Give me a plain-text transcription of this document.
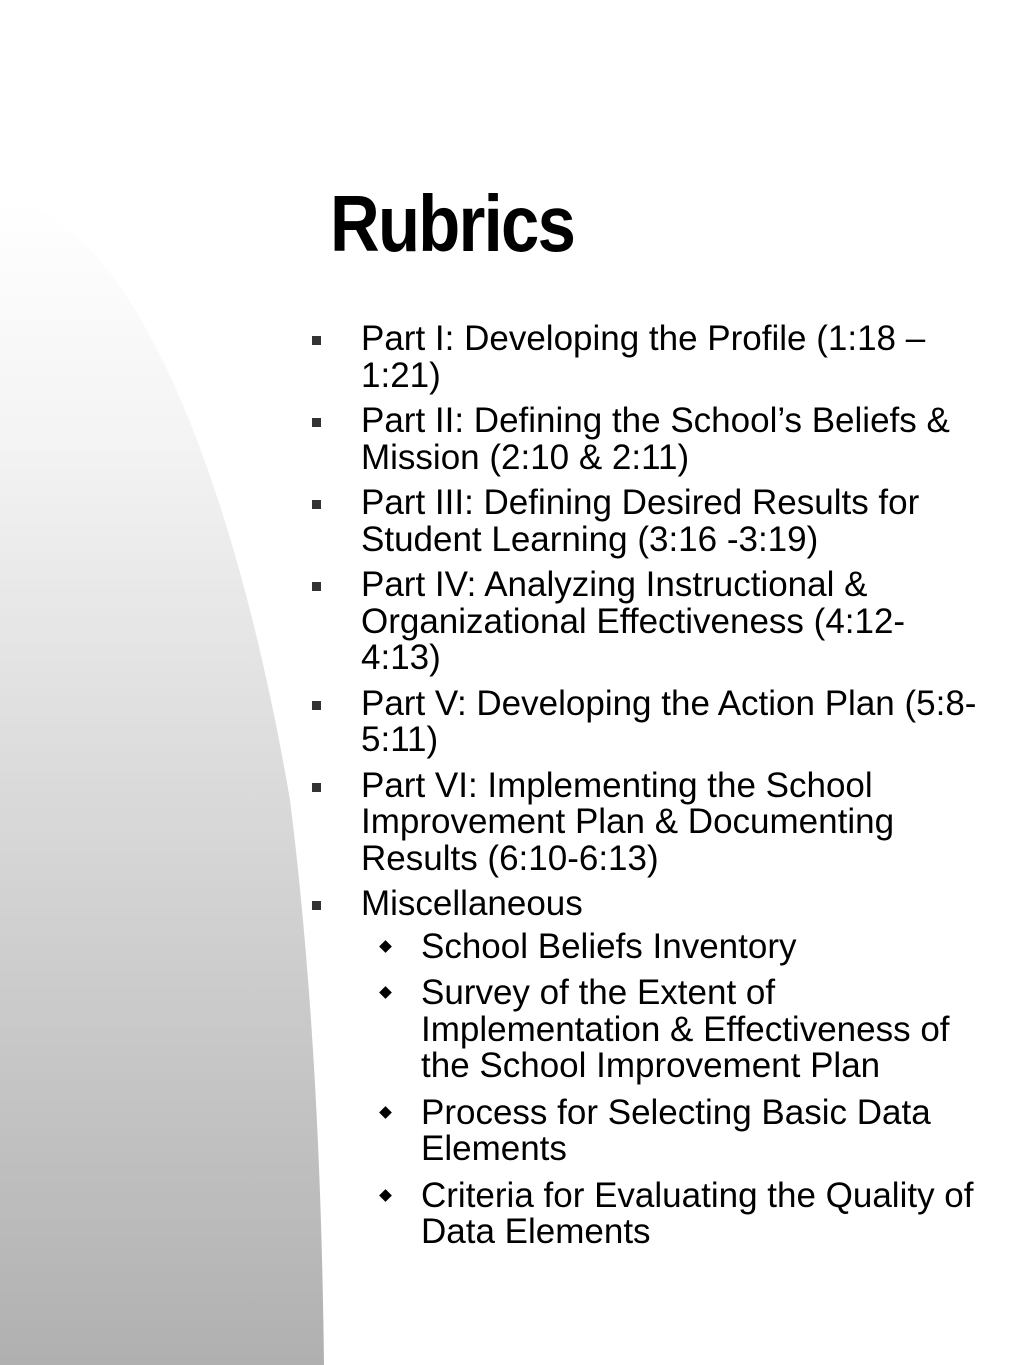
Rubrics
Part I: Developing the Profile (1:18 – 1:21)
Part II: Defining the School’s Beliefs & Mission (2:10 & 2:11)
Part III: Defining Desired Results for Student Learning (3:16 -3:19)
Part IV: Analyzing Instructional & Organizational Effectiveness (4:12-4:13)
Part V: Developing the Action Plan (5:8-5:11)
Part VI: Implementing the School Improvement Plan & Documenting Results (6:10-6:13)
Miscellaneous
School Beliefs Inventory
Survey of the Extent of Implementation & Effectiveness of the School Improvement Plan
Process for Selecting Basic Data Elements
Criteria for Evaluating the Quality of Data Elements
